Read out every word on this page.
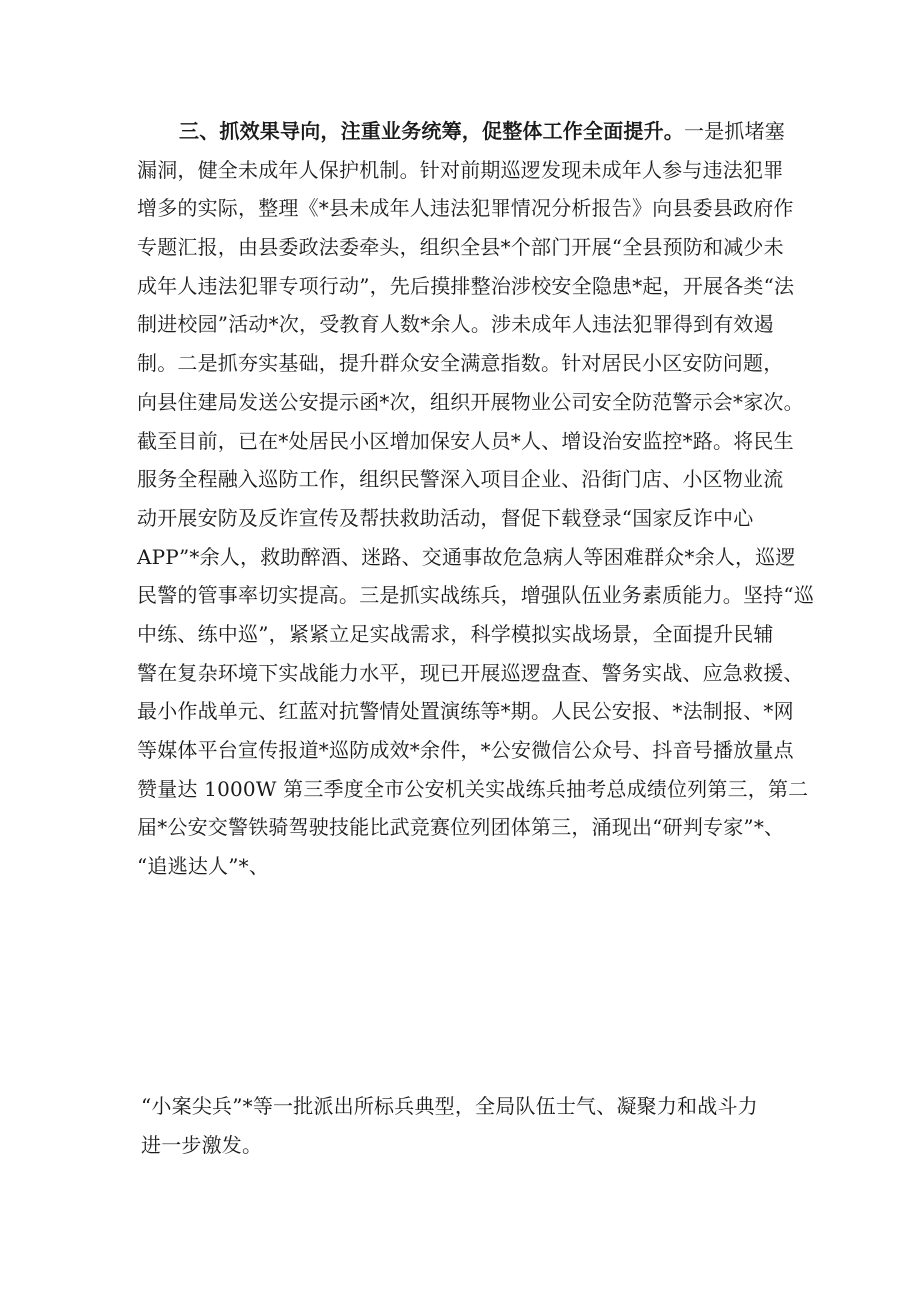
三、抓效果导向，注重业务统筹，促整体工作全面提升。一是抓堵塞
漏洞，健全未成年人保护机制。针对前期巡逻发现未成年人参与违法犯罪
增多的实际，整理《*县未成年人违法犯罪情况分析报告》向县委县政府作
专题汇报，由县委政法委牵头，组织全县*个部门开展“全县预防和减少未
成年人违法犯罪专项行动”，先后摸排整治涉校安全隐患*起，开展各类“法
制进校园”活动*次，受教育人数*余人。涉未成年人违法犯罪得到有效遏
制。二是抓夯实基础，提升群众安全满意指数。针对居民小区安防问题，
向县住建局发送公安提示函*次，组织开展物业公司安全防范警示会*家次。
截至目前，已在*处居民小区增加保安人员*人、增设治安监控*路。将民生
服务全程融入巡防工作，组织民警深入项目企业、沿街门店、小区物业流
动开展安防及反诈宣传及帮扶救助活动，督促下载登录“国家反诈中心
APP”*余人，救助醉酒、迷路、交通事故危急病人等困难群众*余人，巡逻
民警的管事率切实提高。三是抓实战练兵，增强队伍业务素质能力。坚持“巡
中练、练中巡”，紧紧立足实战需求，科学模拟实战场景，全面提升民辅
警在复杂环境下实战能力水平，现已开展巡逻盘查、警务实战、应急救援、
最小作战单元、红蓝对抗警情处置演练等*期。人民公安报、*法制报、*网
等媒体平台宣传报道*巡防成效*余件，*公安微信公众号、抖音号播放量点
赞量达 1000W 第三季度全市公安机关实战练兵抽考总成绩位列第三，第二
届*公安交警铁骑驾驶技能比武竞赛位列团体第三，涌现出“研判专家”*、
“追逃达人”*、
“小案尖兵”*等一批派出所标兵典型，全局队伍士气、凝聚力和战斗力
进一步激发。
